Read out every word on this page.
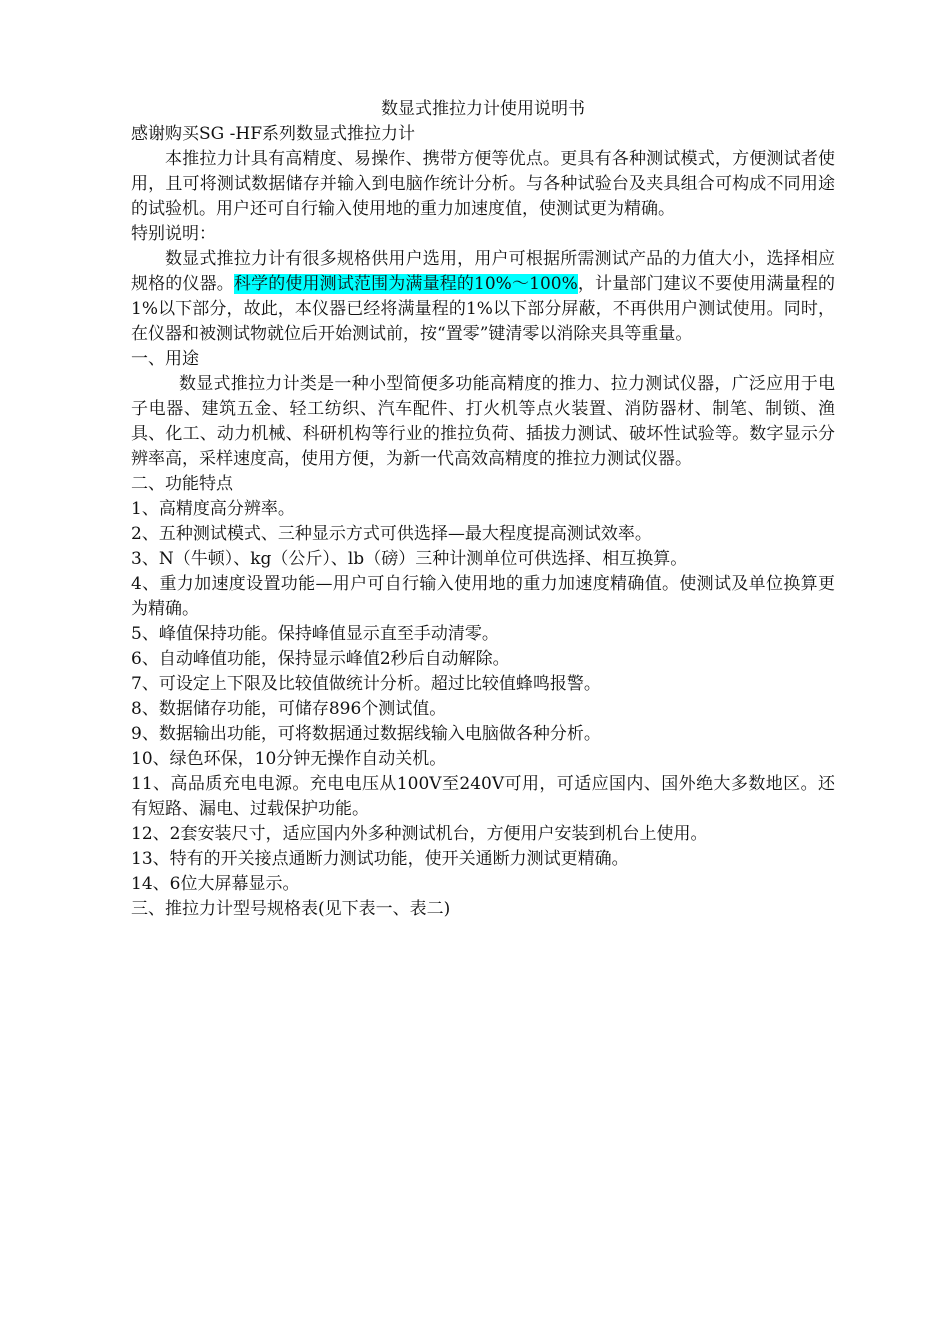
数显式推拉力计使用说明书

感谢购买SG -HF系列数显式推拉力计

本推拉力计具有高精度、易操作、携带方便等优点。更具有各种测试模式，方便测试者使用，且可将测试数据储存并输入到电脑作统计分析。与各种试验台及夹具组合可构成不同用途的试验机。用户还可自行输入使用地的重力加速度值，使测试更为精确。

特别说明：

数显式推拉力计有很多规格供用户选用，用户可根据所需测试产品的力值大小，选择相应规格的仪器。科学的使用测试范围为满量程的10%～100%，计量部门建议不要使用满量程的1%以下部分，故此，本仪器已经将满量程的1%以下部分屏蔽，不再供用户测试使用。同时，在仪器和被测试物就位后开始测试前，按“置零”键清零以消除夹具等重量。

一、用途

数显式推拉力计类是一种小型简便多功能高精度的推力、拉力测试仪器，广泛应用于电子电器、建筑五金、轻工纺织、汽车配件、打火机等点火装置、消防器材、制笔、制锁、渔具、化工、动力机械、科研机构等行业的推拉负荷、插拔力测试、破坏性试验等。数字显示分辨率高，采样速度高，使用方便，为新一代高效高精度的推拉力测试仪器。

二、功能特点

1、高精度高分辨率。

2、五种测试模式、三种显示方式可供选择—最大程度提高测试效率。

3、N（牛顿）、kg（公斤）、lb（磅）三种计测单位可供选择、相互换算。

4、重力加速度设置功能—用户可自行输入使用地的重力加速度精确值。使测试及单位换算更为精确。

5、峰值保持功能。保持峰值显示直至手动清零。

6、自动峰值功能，保持显示峰值2秒后自动解除。

7、可设定上下限及比较值做统计分析。超过比较值蜂鸣报警。

8、数据储存功能，可储存896个测试值。

9、数据输出功能，可将数据通过数据线输入电脑做各种分析。

10、绿色环保，10分钟无操作自动关机。

11、高品质充电电源。充电电压从100V至240V可用，可适应国内、国外绝大多数地区。还有短路、漏电、过载保护功能。

12、2套安装尺寸，适应国内外多种测试机台，方便用户安装到机台上使用。

13、特有的开关接点通断力测试功能，使开关通断力测试更精确。

14、6位大屏幕显示。

三、推拉力计型号规格表(见下表一、表二)
